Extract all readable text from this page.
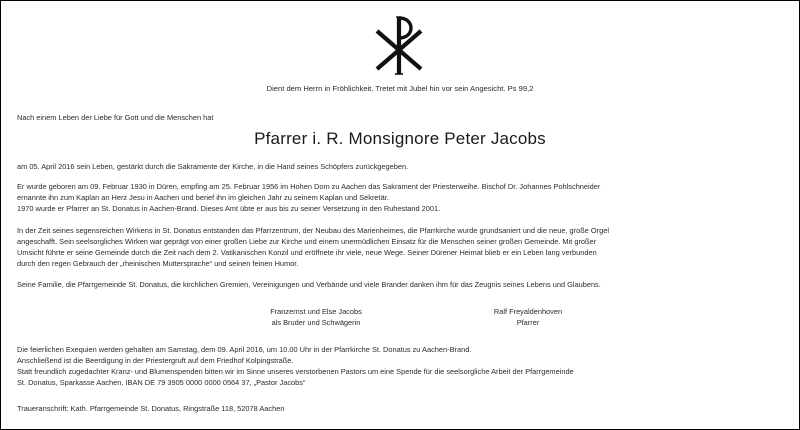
Dient dem Herrn in Fröhlichkeit. Tretet mit Jubel hin vor sein Angesicht. Ps 99,2
Nach einem Leben der Liebe für Gott und die Menschen hat
Pfarrer i. R. Monsignore Peter Jacobs
am 05. April 2016 sein Leben, gestärkt durch die Sakramente der Kirche, in die Hand seines Schöpfers zurückgegeben.
Er wurde geboren am 09. Februar 1930 in Düren, empfing am 25. Februar 1956 im Hohen Dom zu Aachen das Sakrament der Priesterweihe. Bischof Dr. Johannes Pohlschneider
ernannte ihn zum Kaplan an Herz Jesu in Aachen und berief ihn im gleichen Jahr zu seinem Kaplan und Sekretär.
1970 wurde er Pfarrer an St. Donatus in Aachen-Brand. Dieses Amt übte er aus bis zu seiner Versetzung in den Ruhestand 2001.
In der Zeit seines segensreichen Wirkens in St. Donatus entstanden das Pfarrzentrum, der Neubau des Marienheimes, die Pfarrkirche wurde grundsaniert und die neue, große Orgel
angeschafft. Sein seelsorgliches Wirken war geprägt von einer großen Liebe zur Kirche und einem unermüdlichen Einsatz für die Menschen seiner großen Gemeinde. Mit großer
Umsicht führte er seine Gemeinde durch die Zeit nach dem 2. Vatikanischen Konzil und eröffnete ihr viele, neue Wege. Seiner Dürener Heimat blieb er ein Leben lang verbunden
durch den regen Gebrauch der „rheinischen Muttersprache“ und seinen feinen Humor.
Seine Familie, die Pfarrgemeinde St. Donatus, die kirchlichen Gremien, Vereinigungen und Verbände und viele Brander danken ihm für das Zeugnis seines Lebens und Glaubens.
Franzernst und Else Jacobs
als Bruder und Schwägerin
Ralf Freyaldenhoven
Pfarrer
Die feierlichen Exequien werden gehalten am Samstag, dem 09. April 2016, um 10.00 Uhr in der Pfarrkirche St. Donatus zu Aachen-Brand.
Anschließend ist die Beerdigung in der Priestergruft auf dem Friedhof Kolpingstraße.
Statt freundlich zugedachter Kranz- und Blumenspenden bitten wir im Sinne unseres verstorbenen Pastors um eine Spende für die seelsorgliche Arbeit der Pfarrgemeinde
St. Donatus, Sparkasse Aachen, IBAN DE 79 3905 0000 0000 0564 37, „Pastor Jacobs“
Traueranschrift: Kath. Pfarrgemeinde St. Donatus, Ringstraße 118, 52078 Aachen
